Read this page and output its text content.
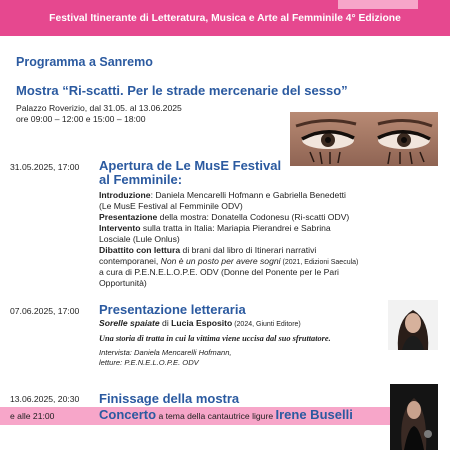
Festival Itinerante di Letteratura, Musica e Arte al Femminile 4° Edizione
Programma a Sanremo
Mostra “Ri-scatti. Per le strade mercenarie del sesso”
Palazzo Roverizio, dal 31.05. al 13.06.2025
ore 09:00 – 12:00 e 15:00 – 18:00
31.05.2025, 17:00 Apertura de Le MusE Festival
al Femminile:
Introduzione: Daniela Mencarelli Hofmann e Gabriella Benedetti
(Le MusE Festival al Femminile ODV)
Presentazione della mostra: Donatella Codonesu (Ri-scatti ODV)
Intervento sulla tratta in Italia: Mariapia Pierandrei e Sabrina
Losciale (Lule Onlus)
Dibattito con lettura di brani dal libro di Itinerari narrativi
contemporanei, Non è un posto per avere sogni (2021, Edizioni Saecula)
a cura di P.E.N.E.L.O.P.E. ODV (Donne del Ponente per le Pari
Opportunità)
07.06.2025, 17:00 Presentazione letteraria
Sorelle spaiate di Lucia Esposito (2024, Giunti Editore)
Una storia di tratta in cui la vittima viene uccisa dal suo sfruttatore.
Intervista: Daniela Mencarelli Hofmann,
letture: P.E.N.E.L.O.P.E. ODV
13.06.2025, 20:30 Finissage della mostra
e alle 21:00	Concerto a tema della cantautrice ligure Irene Buselli
